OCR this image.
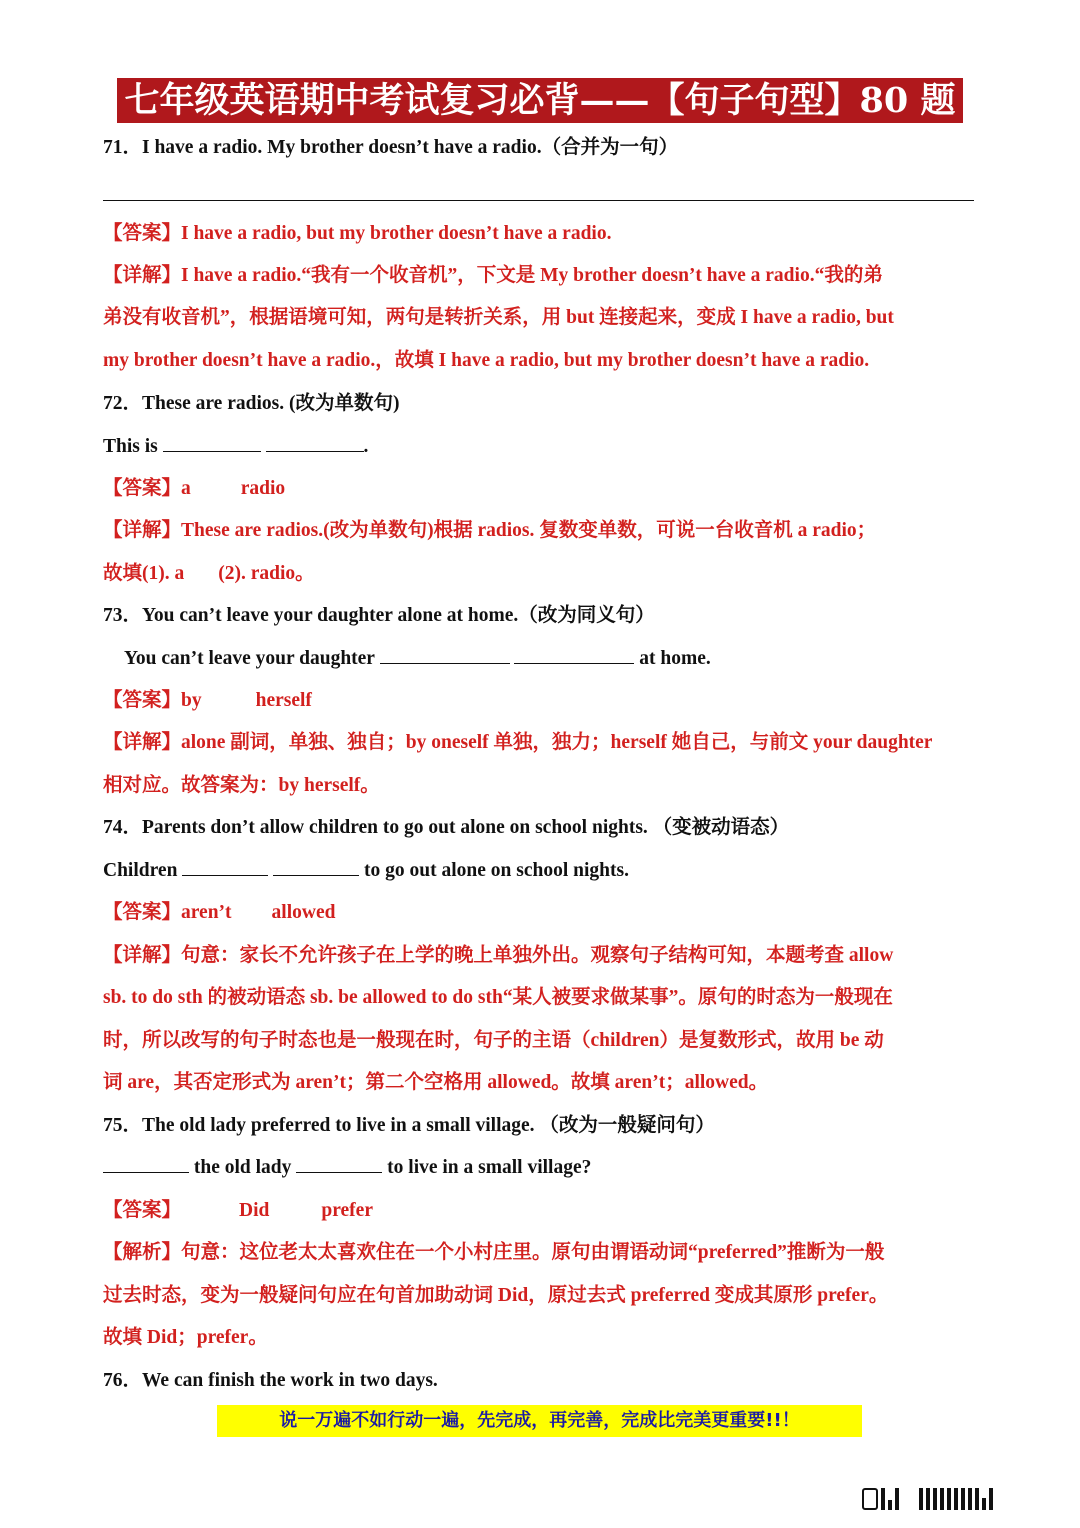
七年级英语期中考试复习必背——【句子句型】80 题
71．I have a radio. My brother doesn’t have a radio.（合并为一句）
【答案】I have a radio, but my brother doesn’t have a radio.
【详解】I have a radio.“我有一个收音机”，下文是 My brother doesn’t have a radio.“我的弟
弟没有收音机”，根据语境可知，两句是转折关系，用 but 连接起来，变成 I have a radio, but
my brother doesn’t have a radio.，故填 I have a radio, but my brother doesn’t have a radio.
72．These are radios. (改为单数句)
This is	.
【答案】a	radio
【详解】These are radios.(改为单数句)根据 radios. 复数变单数，可说一台收音机 a radio；
故填(1). a (2). radio。
73．You can’t leave your daughter alone at home.（改为同义句）
You can’t leave your daughter	at home.
【答案】by	herself
【详解】alone 副词，单独、独自；by oneself 单独，独力；herself 她自己，与前文 your daughter
相对应。故答案为：by herself。
74．Parents don’t allow children to go out alone on school nights. （变被动语态）
Children	to go out alone on school nights.
【答案】aren’t allowed
【详解】句意：家长不允许孩子在上学的晚上单独外出。观察句子结构可知，本题考查 allow
sb. to do sth 的被动语态 sb. be allowed to do sth“某人被要求做某事”。原句的时态为一般现在
时，所以改写的句子时态也是一般现在时，句子的主语（children）是复数形式，故用 be 动
词 are，其否定形式为 aren’t；第二个空格用 allowed。故填 aren’t；allowed。
75．The old lady preferred to live in a small village. （改为一般疑问句）
the old lady	to live in a small village?
【答案】	Did	prefer
【解析】句意：这位老太太喜欢住在一个小村庄里。原句由谓语动词“preferred”推断为一般
过去时态，变为一般疑问句应在句首加助动词 Did，原过去式 preferred 变成其原形 prefer。
故填 Did；prefer。
76．We can finish the work in two days.
说一万遍不如行动一遍，先完成，再完善，完成比完美更重要!!！
